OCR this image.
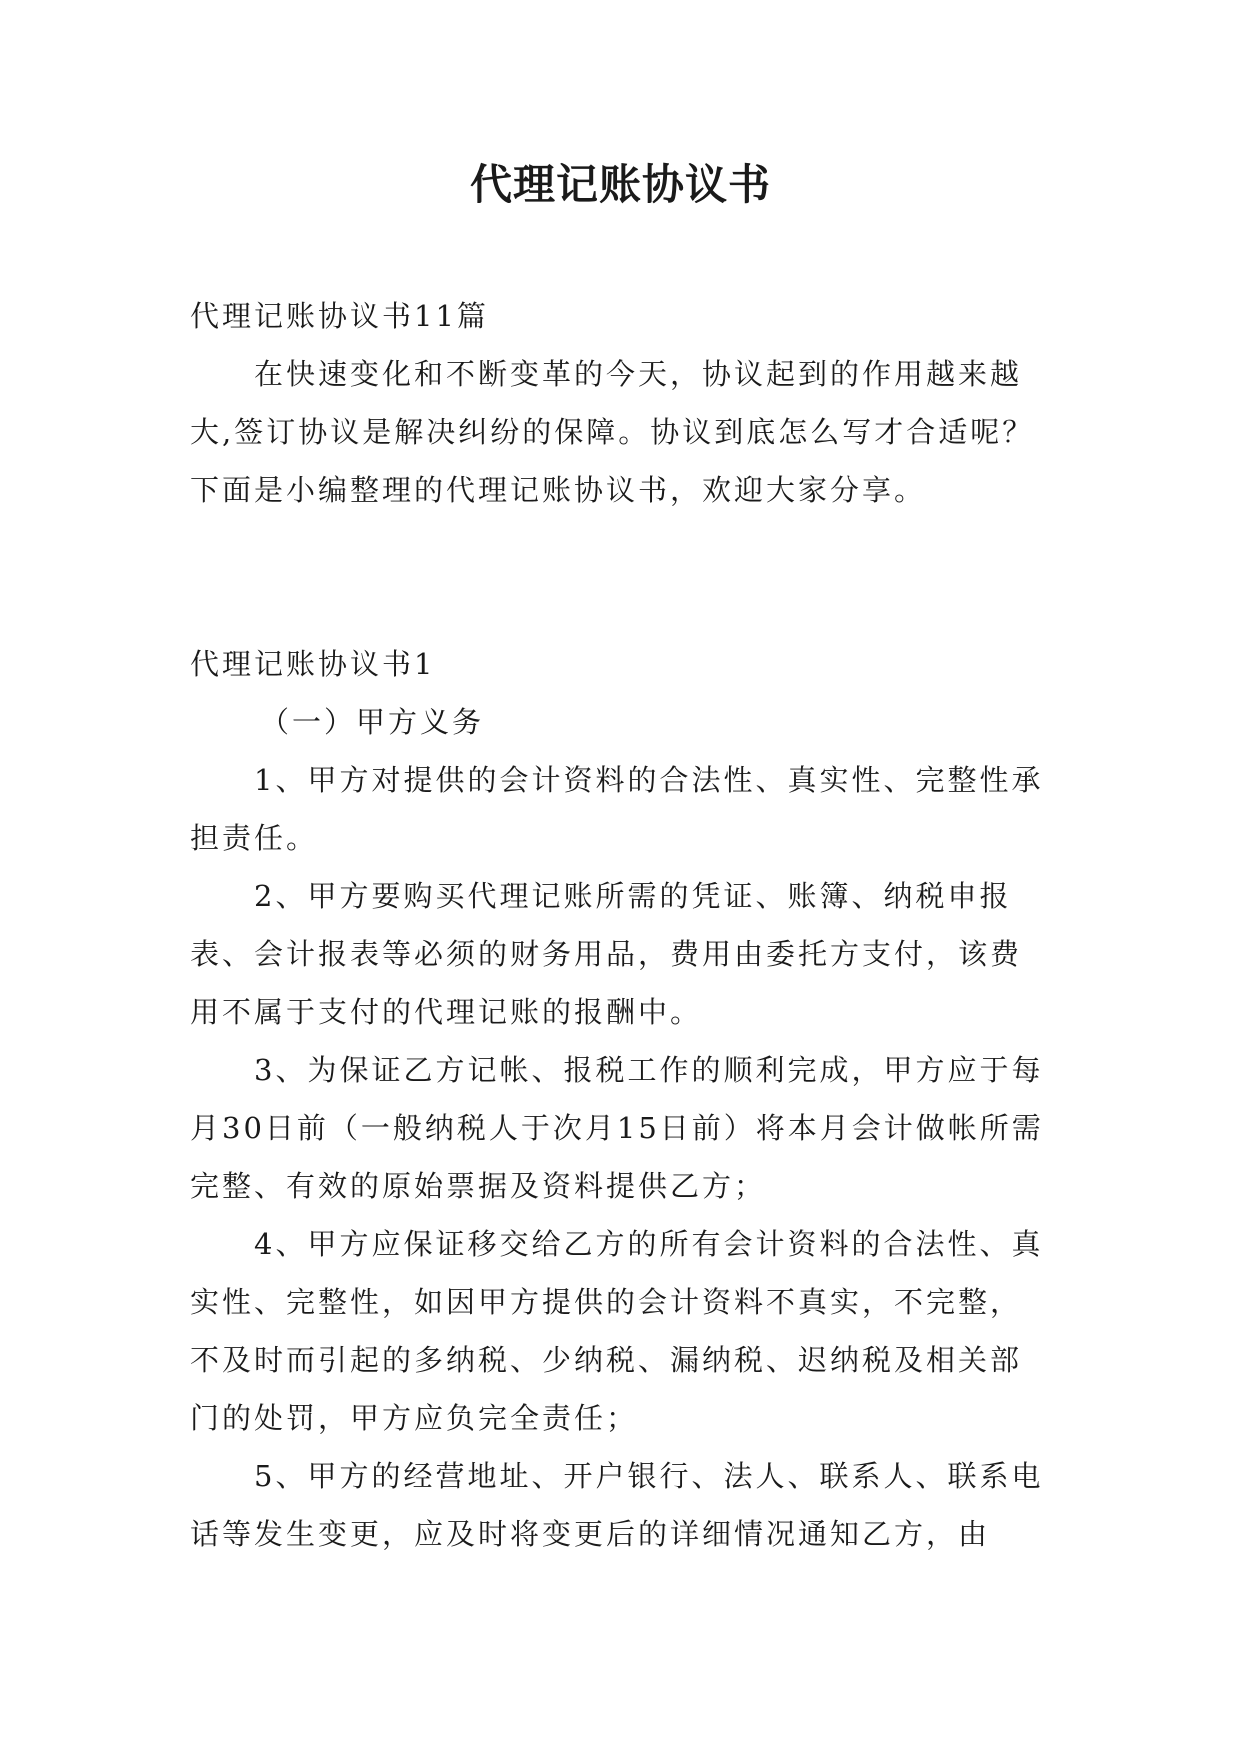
代理记账协议书

代理记账协议书11篇

在快速变化和不断变革的今天，协议起到的作用越来越大,签订协议是解决纠纷的保障。协议到底怎么写才合适呢？下面是小编整理的代理记账协议书，欢迎大家分享。

代理记账协议书1

（一）甲方义务

1、甲方对提供的会计资料的合法性、真实性、完整性承担责任。

2、甲方要购买代理记账所需的凭证、账簿、纳税申报表、会计报表等必须的财务用品，费用由委托方支付，该费用不属于支付的代理记账的报酬中。

3、为保证乙方记帐、报税工作的顺利完成，甲方应于每月30日前（一般纳税人于次月15日前）将本月会计做帐所需完整、有效的原始票据及资料提供乙方；

4、甲方应保证移交给乙方的所有会计资料的合法性、真实性、完整性，如因甲方提供的会计资料不真实，不完整，不及时而引起的多纳税、少纳税、漏纳税、迟纳税及相关部门的处罚，甲方应负完全责任；

5、甲方的经营地址、开户银行、法人、联系人、联系电话等发生变更，应及时将变更后的详细情况通知乙方，由
